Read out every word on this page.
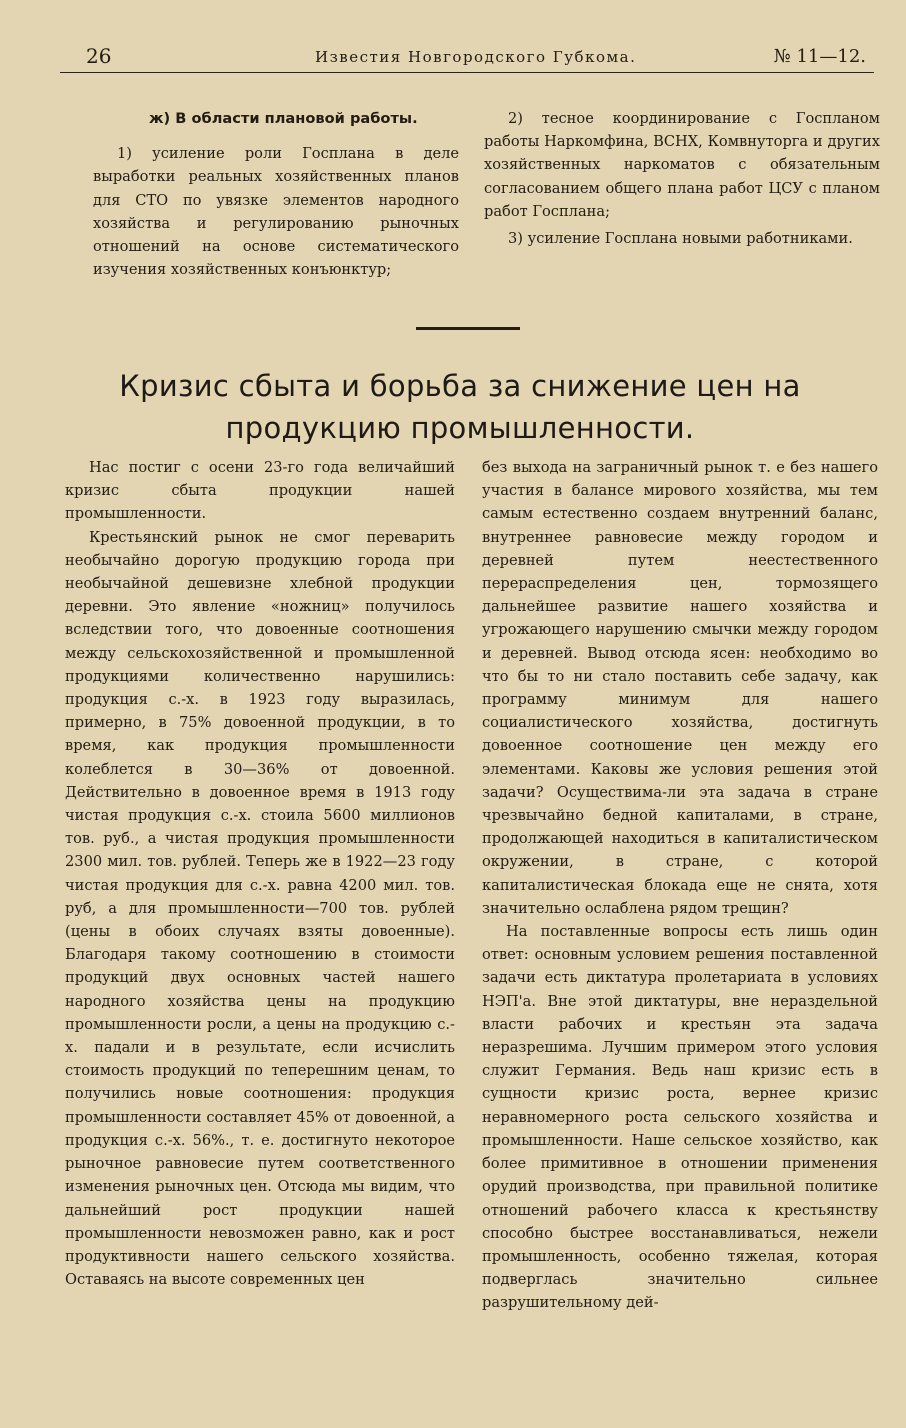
26	Известия Новгородского Губкома.	№ 11—12.

ж) В области плановой работы.

1) усиление роли Госплана в деле выработки реальных хозяйственных планов для СТО по увязке элементов народного хозяйства и регулированию рыночных отношений на основе систематического изучения хозяйственных конъюнктур;

2) тесное координирование с Госпланом работы Наркомфина, ВСНХ, Комвнуторга и других хозяйственных наркоматов с обязательным согласованием общего плана работ ЦСУ с планом работ Госплана;

3) усиление Госплана новыми работниками.

Кризис сбыта и борьба за снижение цен на продукцию промышленности.

Нас постиг с осени 23-го года величайший кризис сбыта продукции нашей промышленности.

Крестьянский рынок не смог переварить необычайно дорогую продукцию города при необычайной дешевизне хлебной продукции деревни. Это явление «ножниц» получилось вследствии того, что довоенные соотношения между сельскохозяйственной и промышленной продукциями количественно нарушились: продукция с.-х. в 1923 году выразилась, примерно, в 75% довоенной продукции, в то время, как продукция промышленности колеблется в 30—36% от довоенной. Действительно в довоенное время в 1913 году чистая продукция с.-х. стоила 5600 миллионов тов. руб., а чистая продукция промышленности 2300 мил. тов. рублей. Теперь же в 1922—23 году чистая продукция для с.-х. равна 4200 мил. тов. руб, а для промышленности—700 тов. рублей (цены в обоих случаях взяты довоенные). Благодаря такому соотношению в стоимости продукций двух основных частей нашего народного хозяйства цены на продукцию промышленности росли, а цены на продукцию с.-х. падали и в результате, если исчислить стоимость продукций по теперешним ценам, то получились новые соотношения: продукция промышленности составляет 45% от довоенной, а продукция с.-х. 56%., т. е. достигнуто некоторое рыночное равновесие путем соответственного изменения рыночных цен. Отсюда мы видим, что дальнейший рост продукции нашей промышленности невозможен равно, как и рост продуктивности нашего сельского хозяйства. Оставаясь на высоте современных цен

без выхода на заграничный рынок т. е без нашего участия в балансе мирового хозяйства, мы тем самым естественно создаем внутренний баланс, внутреннее равновесие между городом и деревней путем неестественного перераспределения цен, тормозящего дальнейшее развитие нашего хозяйства и угрожающего нарушению смычки между городом и деревней. Вывод отсюда ясен: необходимо во что бы то ни стало поставить себе задачу, как программу минимум для нашего социалистического хозяйства, достигнуть довоенное соотношение цен между его элементами. Каковы же условия решения этой задачи? Осуществима-ли эта задача в стране чрезвычайно бедной капиталами, в стране, продолжающей находиться в капиталистическом окружении, в стране, с которой капиталистическая блокада еще не снята, хотя значительно ослаблена рядом трещин?

На поставленные вопросы есть лишь один ответ: основным условием решения поставленной задачи есть диктатура пролетариата в условиях НЭП'а. Вне этой диктатуры, вне нераздельной власти рабочих и крестьян эта задача неразрешима. Лучшим примером этого условия служит Германия. Ведь наш кризис есть в сущности кризис роста, вернее кризис неравномерного роста сельского хозяйства и промышленности. Наше сельское хозяйство, как более примитивное в отношении применения орудий производства, при правильной политике отношений рабочего класса к крестьянству способно быстрее восстанавливаться, нежели промышленность, особенно тяжелая, которая подверглась значительно сильнее разрушительному дей-
